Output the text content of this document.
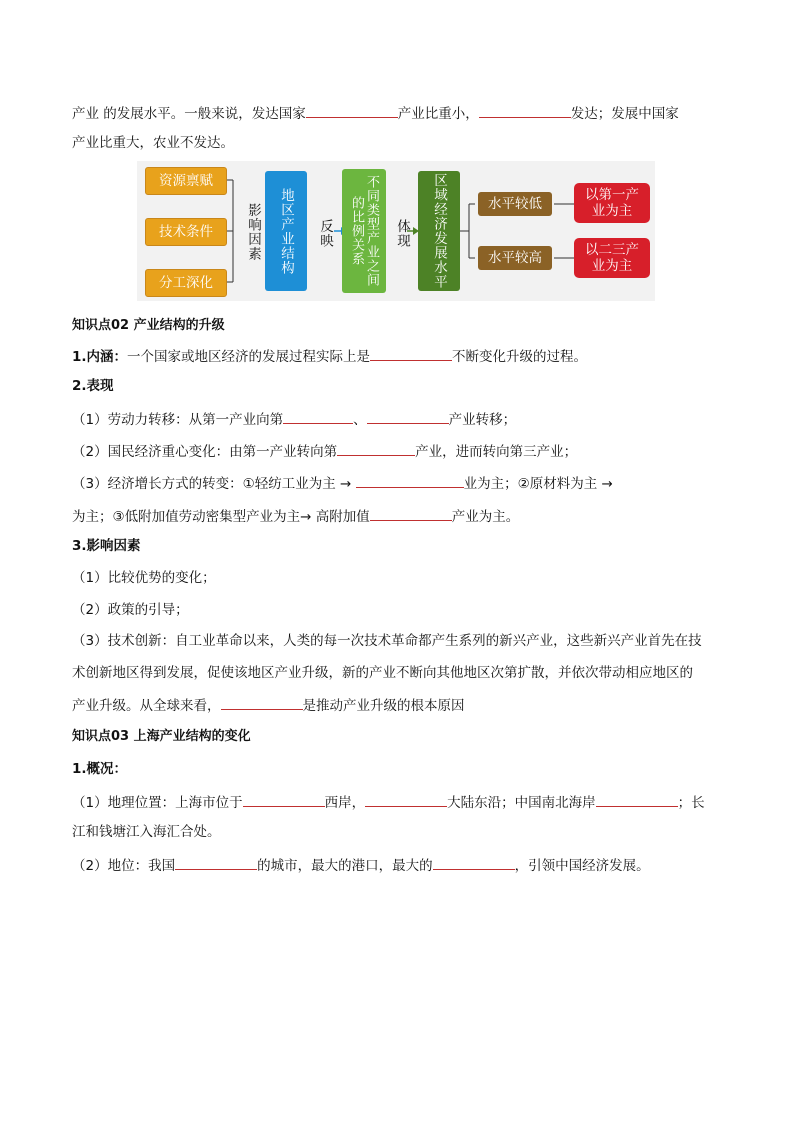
产业 的发展水平。一般来说，发达国家	产业比重小，	发达；发展中国家
产业比重大，农业不发达。
资源禀赋
技术条件
分工深化
影响因素	地区产业结构	反映	不同类型产业之间的比例关系	体现	区域经济发展水平	水平较低
水平较高
以第一产业为主
以二三产业为主
知识点02 产业结构的升级
1.内涵：一个国家或地区经济的发展过程实际上是	不断变化升级的过程。
2.表现
（1）劳动力转移：从第一产业向第	、	产业转移；
（2）国民经济重心变化：由第一产业转向第	产业，进而转向第三产业；
（3）经济增长方式的转变：①轻纺工业为主 →	业为主；②原材料为主 →
为主；③低附加值劳动密集型产业为主→ 高附加值	产业为主。
3.影响因素
（1）比较优势的变化；
（2）政策的引导；
（3）技术创新：自工业革命以来，人类的每一次技术革命都产生系列的新兴产业，这些新兴产业首先在技
术创新地区得到发展，促使该地区产业升级，新的产业不断向其他地区次第扩散，并依次带动相应地区的
产业升级。从全球来看，	是推动产业升级的根本原因
知识点03 上海产业结构的变化
1.概况：
（1）地理位置：上海市位于	西岸，	大陆东沿；中国南北海岸	；长
江和钱塘江入海汇合处。
（2）地位：我国	的城市，最大的港口，最大的	，引领中国经济发展。
